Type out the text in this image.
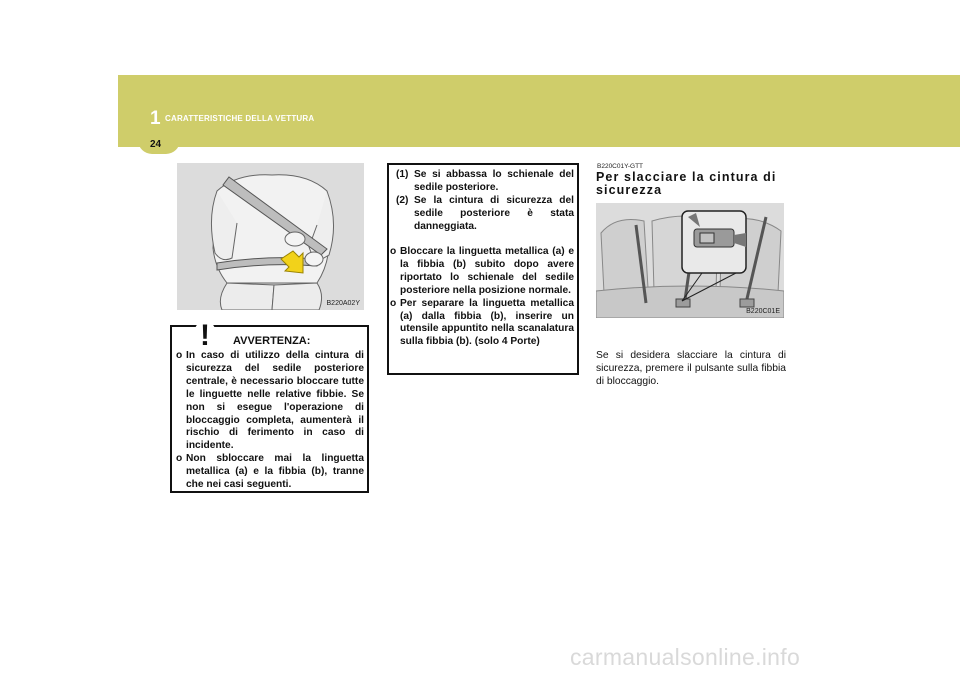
1 CARATTERISTICHE DELLA VETTURA
24
B220A02Y
! AVVERTENZA:
o In caso di utilizzo della cintura di sicurezza del sedile posteriore centrale, è necessario bloccare tutte le linguette nelle relative fibbie. Se non si esegue l'operazione di bloccaggio completa, aumenterà il rischio di ferimento in caso di incidente.
o Non sbloccare mai la linguetta metallica (a) e la fibbia (b), tranne che nei casi seguenti.
(1) Se si abbassa lo schienale del sedile posteriore.
(2) Se la cintura di sicurezza del sedile posteriore è stata danneggiata.
o Bloccare la linguetta metallica (a) e la fibbia (b) subito dopo avere riportato lo schienale del sedile posteriore nella posizione normale.
o Per separare la linguetta metallica (a) dalla fibbia (b), inserire un utensile appuntito nella scanalatura sulla fibbia (b). (solo 4 Porte)
B220C01Y-GTT
Per slacciare la cintura di sicurezza
B220C01E
Se si desidera slacciare la cintura di sicurezza, premere il pulsante sulla fibbia di bloccaggio.
carmanualsonline.info
